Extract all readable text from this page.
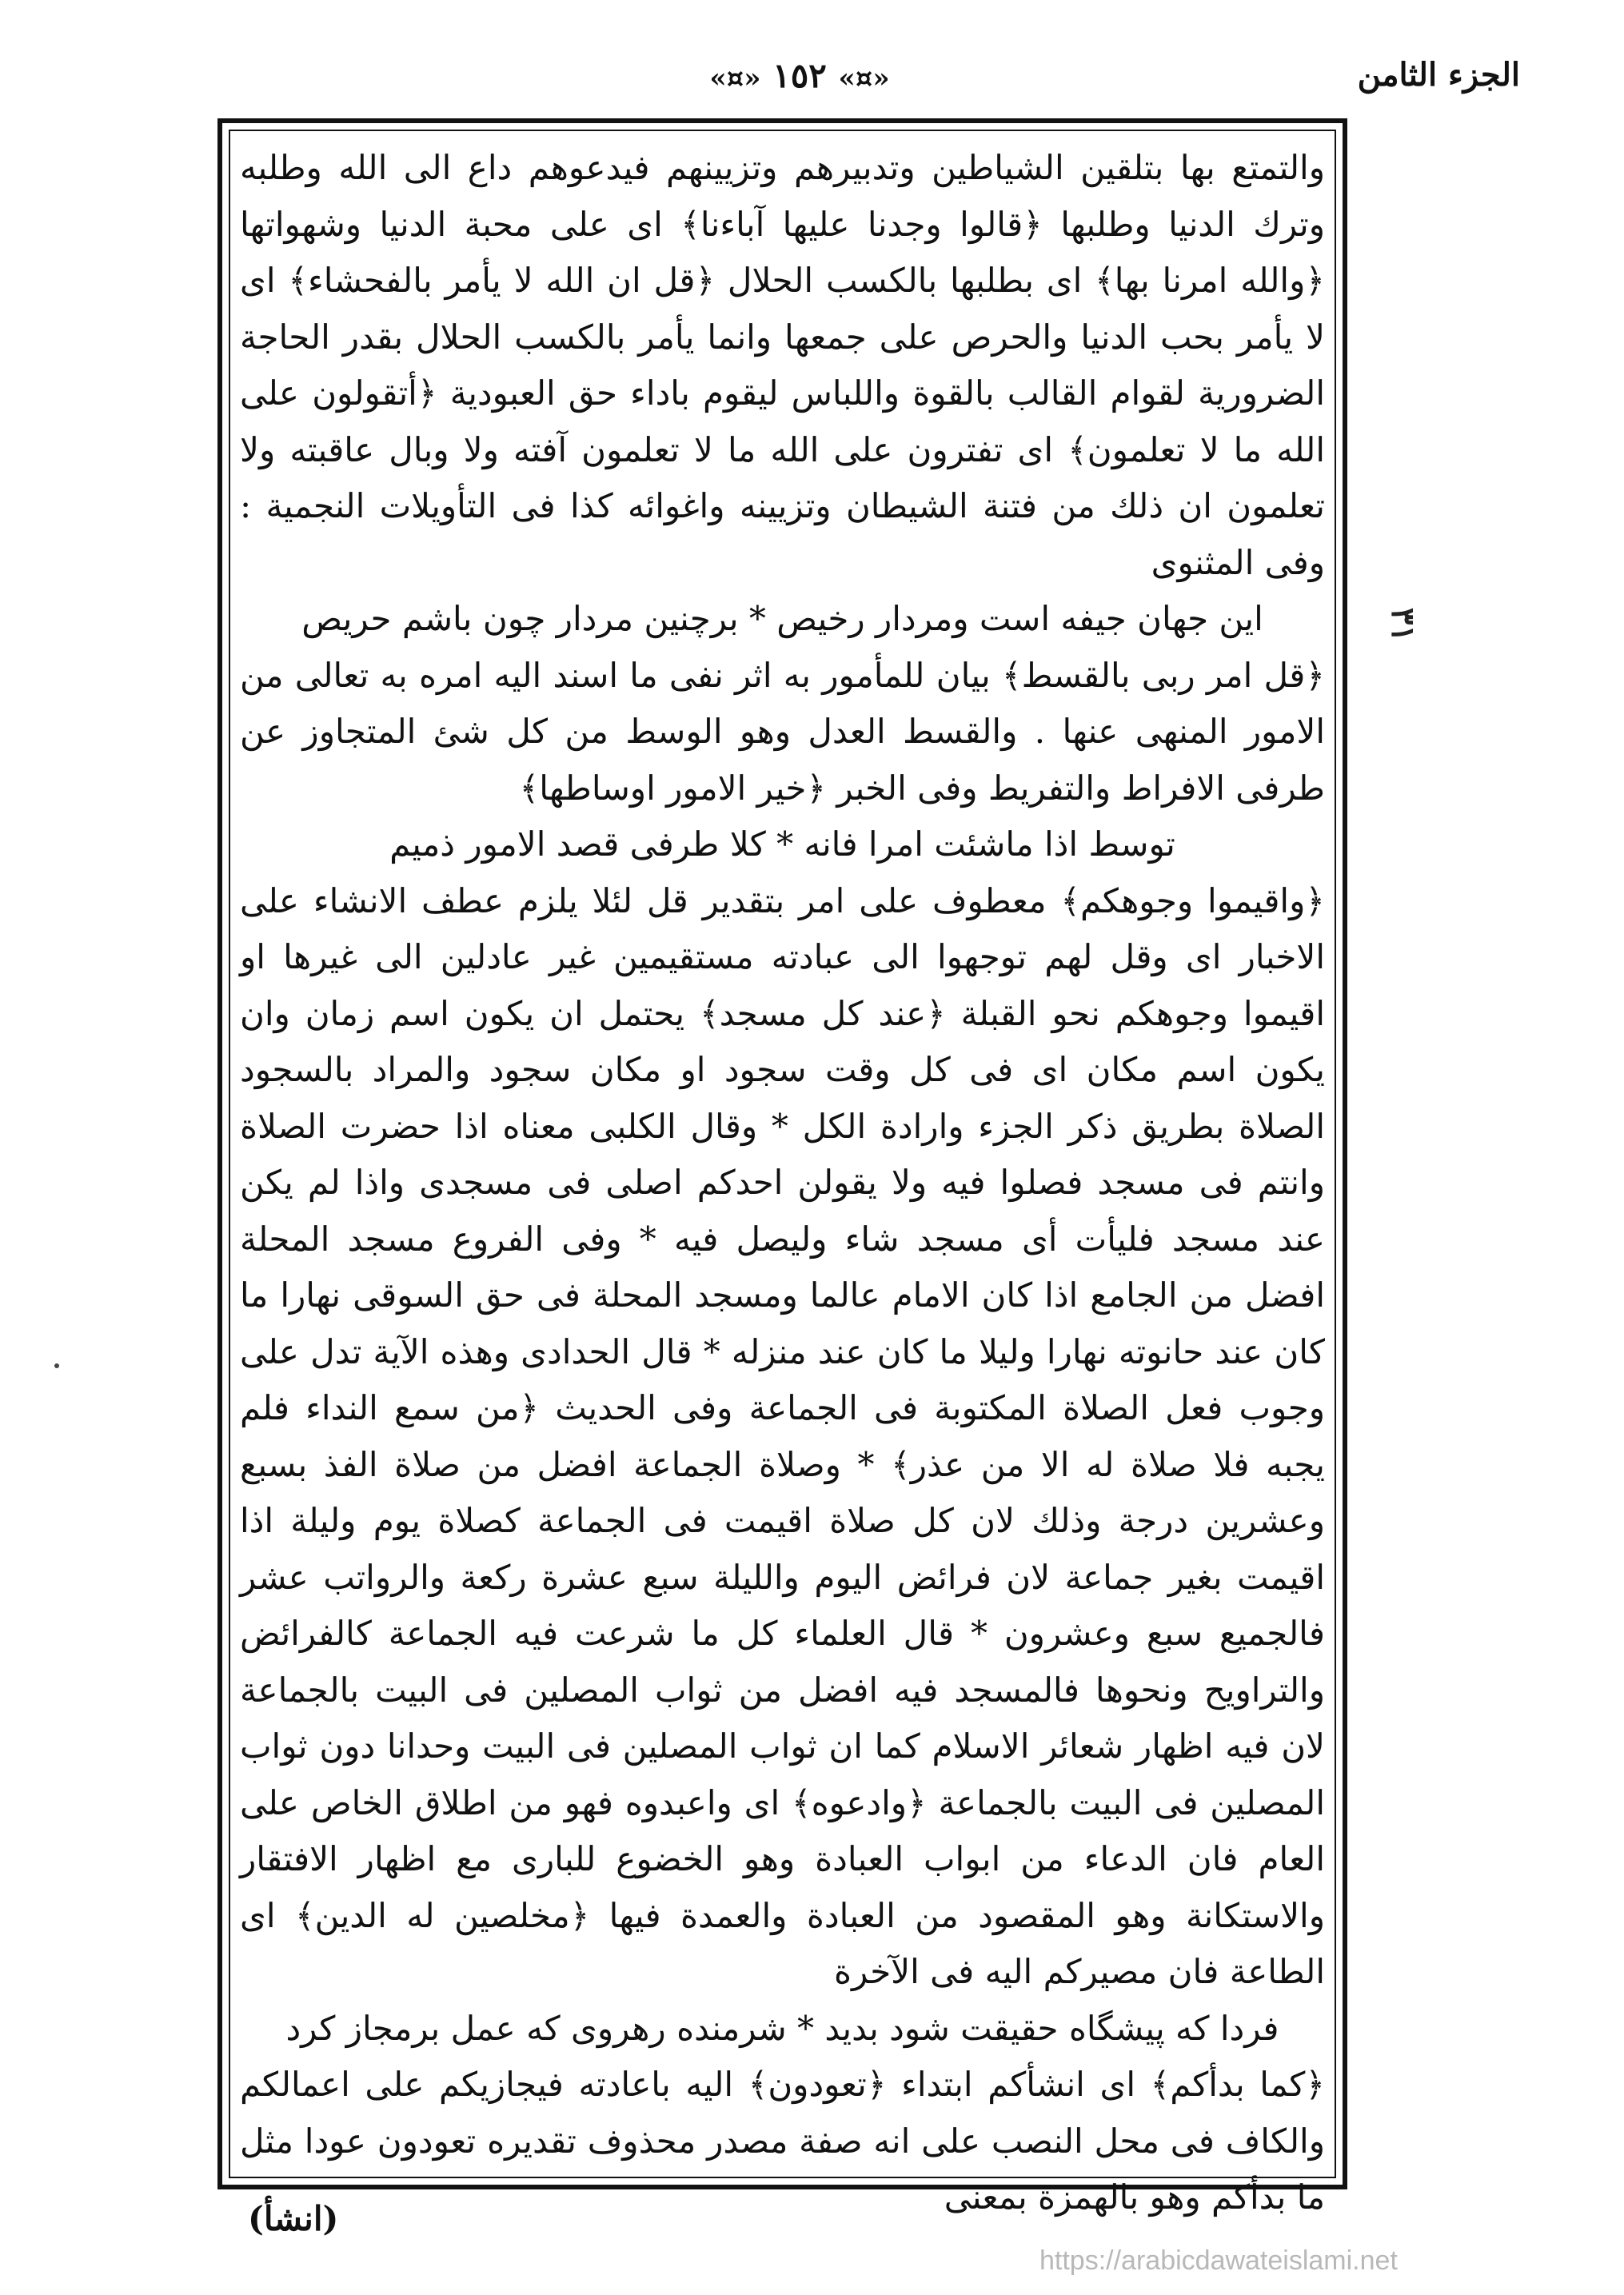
الجزء الثامن
«¤» ١٥٢ «¤»
٣١

والتمتع بها بتلقين الشياطين وتدبيرهم وتزيينهم فيدعوهم داع الى الله وطلبه وترك الدنيا وطلبها ﴿قالوا وجدنا عليها آباءنا﴾ اى على محبة الدنيا وشهواتها ﴿والله امرنا بها﴾ اى بطلبها بالكسب الحلال ﴿قل ان الله لا يأمر بالفحشاء﴾ اى لا يأمر بحب الدنيا والحرص على جمعها وانما يأمر بالكسب الحلال بقدر الحاجة الضرورية لقوام القالب بالقوة واللباس ليقوم باداء حق العبودية ﴿أتقولون على الله ما لا تعلمون﴾ اى تفترون على الله ما لا تعلمون آفته ولا وبال عاقبته ولا تعلمون ان ذلك من فتنة الشيطان وتزيينه واغوائه كذا فى التأويلات النجمية : وفى المثنوى

اين جهان جيفه است ومردار رخيص * برچنين مردار چون باشم حريص

﴿قل امر ربى بالقسط﴾ بيان للمأمور به اثر نفى ما اسند اليه امره به تعالى من الامور المنهى عنها . والقسط العدل وهو الوسط من كل شئ المتجاوز عن طرفى الافراط والتفريط وفى الخبر ﴿خير الامور اوساطها﴾

توسط اذا ماشئت امرا فانه * كلا طرفى قصد الامور ذميم

﴿واقيموا وجوهكم﴾ معطوف على امر بتقدير قل لئلا يلزم عطف الانشاء على الاخبار اى وقل لهم توجهوا الى عبادته مستقيمين غير عادلين الى غيرها او اقيموا وجوهكم نحو القبلة ﴿عند كل مسجد﴾ يحتمل ان يكون اسم زمان وان يكون اسم مكان اى فى كل وقت سجود او مكان سجود والمراد بالسجود الصلاة بطريق ذكر الجزء وارادة الكل * وقال الكلبى معناه اذا حضرت الصلاة وانتم فى مسجد فصلوا فيه ولا يقولن احدكم اصلى فى مسجدى واذا لم يكن عند مسجد فليأت أى مسجد شاء وليصل فيه * وفى الفروع مسجد المحلة افضل من الجامع اذا كان الامام عالما ومسجد المحلة فى حق السوقى نهارا ما كان عند حانوته نهارا وليلا ما كان عند منزله * قال الحدادى وهذه الآية تدل على وجوب فعل الصلاة المكتوبة فى الجماعة وفى الحديث ﴿من سمع النداء فلم يجبه فلا صلاة له الا من عذر﴾ * وصلاة الجماعة افضل من صلاة الفذ بسبع وعشرين درجة وذلك لان كل صلاة اقيمت فى الجماعة كصلاة يوم وليلة اذا اقيمت بغير جماعة لان فرائض اليوم والليلة سبع عشرة ركعة والرواتب عشر فالجميع سبع وعشرون * قال العلماء كل ما شرعت فيه الجماعة كالفرائض والتراويح ونحوها فالمسجد فيه افضل من ثواب المصلين فى البيت بالجماعة لان فيه اظهار شعائر الاسلام كما ان ثواب المصلين فى البيت وحدانا دون ثواب المصلين فى البيت بالجماعة ﴿وادعوه﴾ اى واعبدوه فهو من اطلاق الخاص على العام فان الدعاء من ابواب العبادة وهو الخضوع للبارى مع اظهار الافتقار والاستكانة وهو المقصود من العبادة والعمدة فيها ﴿مخلصين له الدين﴾ اى الطاعة فان مصيركم اليه فى الآخرة

فردا كه پيشگاه حقيقت شود بديد * شرمنده رهروى كه عمل برمجاز كرد

﴿كما بدأكم﴾ اى انشأكم ابتداء ﴿تعودون﴾ اليه باعادته فيجازيكم على اعمالكم والكاف فى محل النصب على انه صفة مصدر محذوف تقديره تعودون عودا مثل ما بدأكم وهو بالهمزة بمعنى

(انشأ)
https://arabicdawateislami.net
